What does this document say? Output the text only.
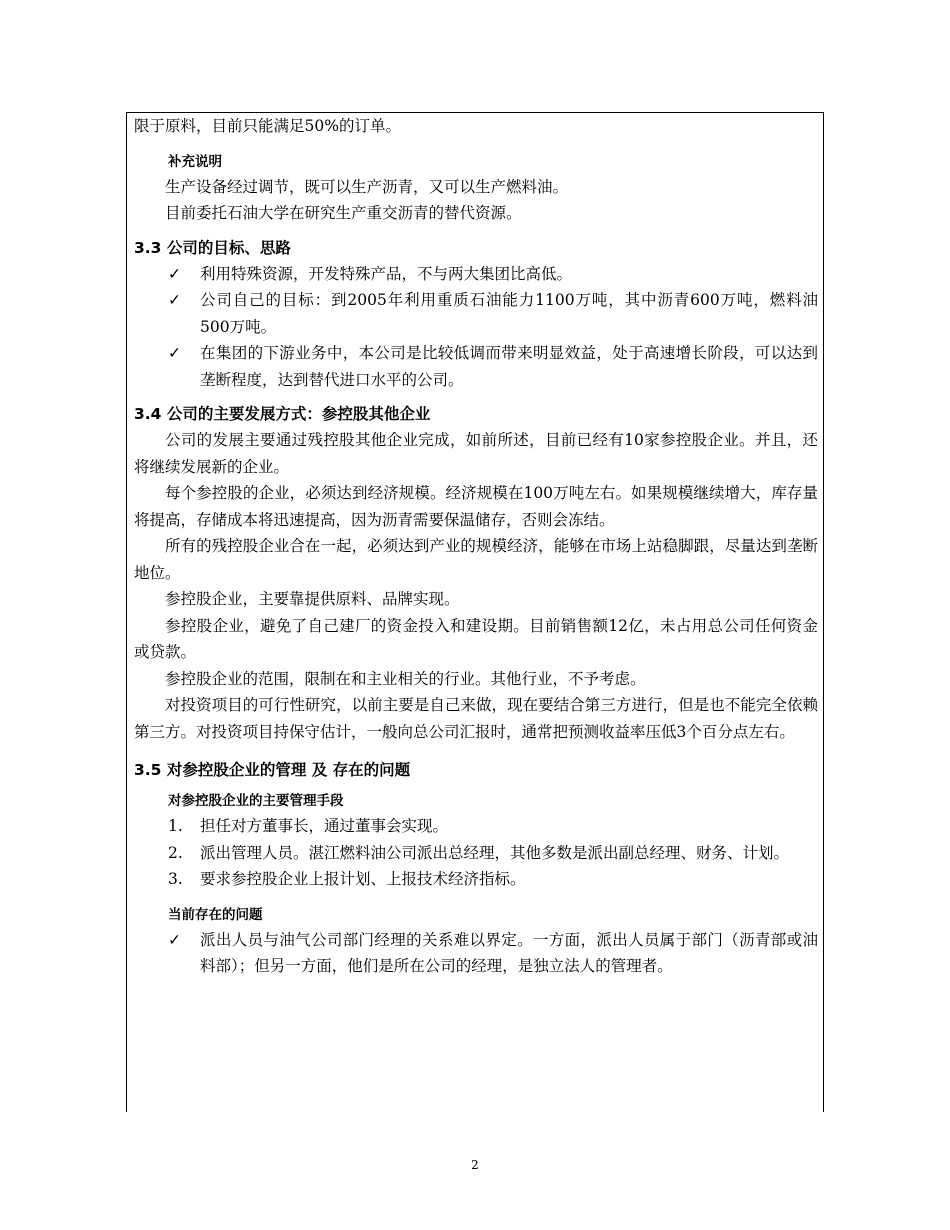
限于原料，目前只能满足50%的订单。

补充说明

生产设备经过调节，既可以生产沥青，又可以生产燃料油。

目前委托石油大学在研究生产重交沥青的替代资源。

3.3 公司的目标、思路
✓	利用特殊资源，开发特殊产品，不与两大集团比高低。
✓	公司自己的目标：到2005年利用重质石油能力1100万吨，其中沥青600万吨，燃料油500万吨。
✓	在集团的下游业务中，本公司是比较低调而带来明显效益，处于高速增长阶段，可以达到垄断程度，达到替代进口水平的公司。
3.4 公司的主要发展方式：参控股其他企业

公司的发展主要通过残控股其他企业完成，如前所述，目前已经有10家参控股企业。并且，还将继续发展新的企业。

每个参控股的企业，必须达到经济规模。经济规模在100万吨左右。如果规模继续增大，库存量将提高，存储成本将迅速提高，因为沥青需要保温储存，否则会冻结。

所有的残控股企业合在一起，必须达到产业的规模经济，能够在市场上站稳脚跟，尽量达到垄断地位。

参控股企业，主要靠提供原料、品牌实现。

参控股企业，避免了自己建厂的资金投入和建设期。目前销售额12亿，未占用总公司任何资金或贷款。

参控股企业的范围，限制在和主业相关的行业。其他行业，不予考虑。

对投资项目的可行性研究，以前主要是自己来做，现在要结合第三方进行，但是也不能完全依赖第三方。对投资项目持保守估计，一般向总公司汇报时，通常把预测收益率压低3个百分点左右。

3.5 对参控股企业的管理 及 存在的问题
对参控股企业的主要管理手段
1.	担任对方董事长，通过董事会实现。
2.	派出管理人员。湛江燃料油公司派出总经理，其他多数是派出副总经理、财务、计划。
3.	要求参控股企业上报计划、上报技术经济指标。
当前存在的问题
✓	派出人员与油气公司部门经理的关系难以界定。一方面，派出人员属于部门（沥青部或油料部）；但另一方面，他们是所在公司的经理，是独立法人的管理者。
2
